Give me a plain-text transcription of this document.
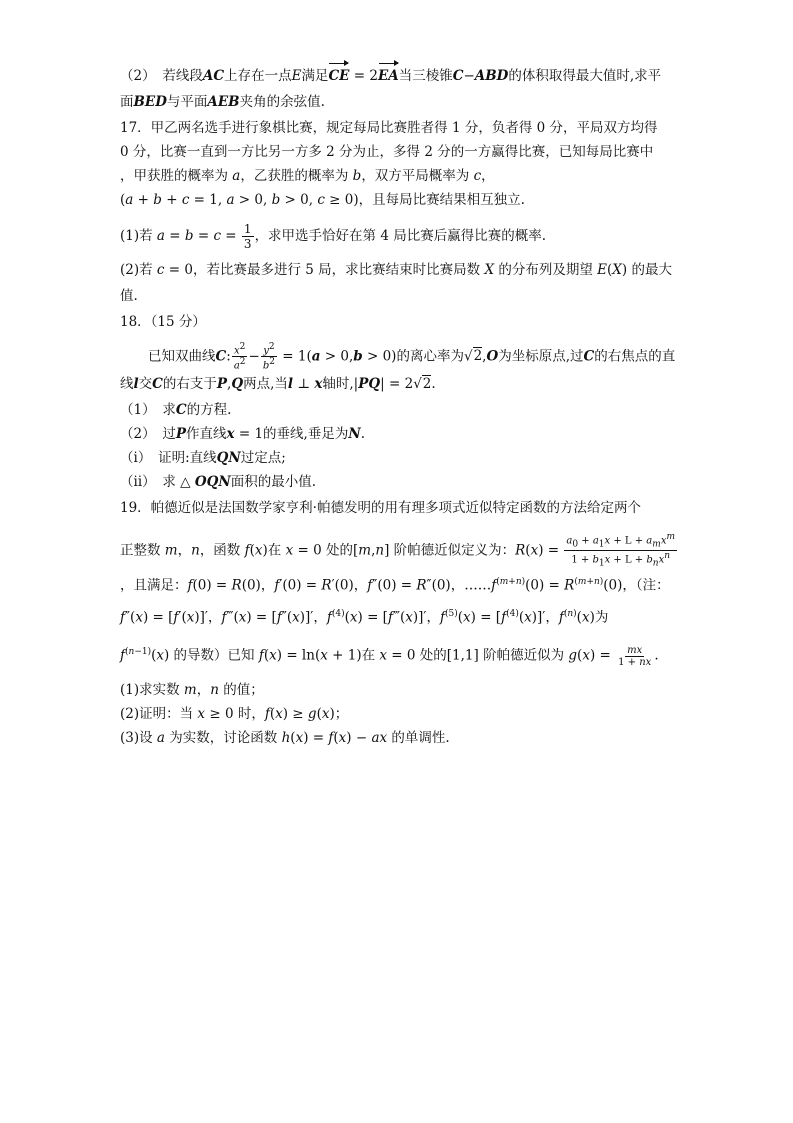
（2）　若线段AC上存在一点E满足CE = 2EA当三棱锥C−ABD的体积取得最大值时,求平
面BED与平面AEB夹角的余弦值.
17．甲乙两名选手进行象棋比赛，规定每局比赛胜者得 1 分，负者得 0 分，平局双方均得
0 分，比赛一直到一方比另一方多 2 分为止，多得 2 分的一方赢得比赛，已知每局比赛中
，甲获胜的概率为 a，乙获胜的概率为 b，双方平局概率为 c，
(a + b + c = 1, a > 0, b > 0, c ≥ 0)，且每局比赛结果相互独立.
(1)若 $a = b = c = \frac{1}{3}$ ，求甲选手恰好在第 4 局比赛后赢得比赛的概率.
(2)若 c = 0，若比赛最多进行 5 局，求比赛结束时比赛局数 X 的分布列及期望 E(X) 的最大
值.
18．（15 分）
已知双曲线C: $\frac{x^2}{a^2} - \frac{y^2}{b^2} = 1(a > 0,b > 0)$的离心率为√2,O为坐标原点,过C的右焦点的直
线l交C的右支于P,Q两点,当l ⊥ x轴时,|PQ| = 2√2.
（1）　求C的方程.
（2）　过P作直线x = 1的垂线,垂足为N.
（ⅰ）　证明:直线QN过定点;
（ⅱ）　求 △ OQN面积的最小值.
19．帕德近似是法国数学家亨利·帕德发明的用有理多项式近似特定函数的方法给定两个
正整数 m，n，函数 f(x)在 x = 0 处的[m,n] 阶帕德近似定义为：$R(x) = \frac{a_0 + a_1x + L + a_mx^m}{1 + b_1x + L + b_nx^n}$
，且满足：f(0) = R(0)，f′(0) = R′(0)，f″(0) = R″(0)，$\dots\dots f^{(m+n)}(0) = R^{(m+n)}(0)$，（注：
f″(x) = [f′(x)]′，f‴(x) = [f″(x)]′，$f^{(4)}(x)$ = [f‴(x)]′，$f^{(5)}(x) = [f^{(4)}(x)]'$，$f^{(n)}(x)$为
$f^{(n-1)}(x)$ 的导数）已知 f(x) = ln(x + 1)在 x = 0 处的[1,1] 阶帕德近似为 $g(x) = \frac{mx}{1 + nx}$ .
(1)求实数 m，n 的值；
(2)证明：当 x ≥ 0 时，f(x) ≥ g(x)；
(3)设 a 为实数，讨论函数 h(x) = f(x) − ax 的单调性.
